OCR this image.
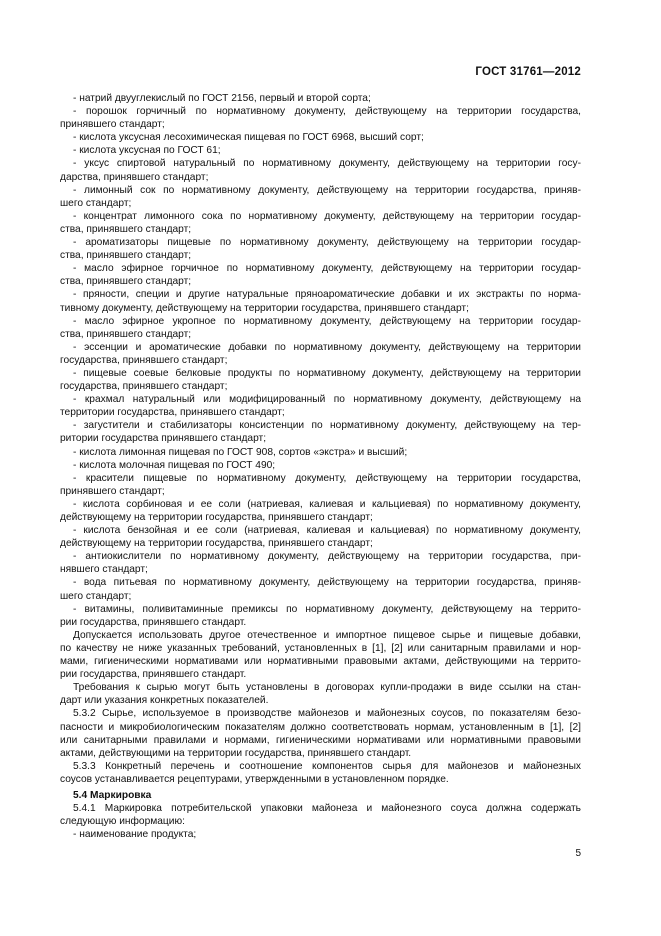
ГОСТ 31761—2012
- натрий двууглекислый по ГОСТ 2156, первый и второй сорта;
- порошок горчичный по нормативному документу, действующему на территории государства,
принявшего стандарт;
- кислота уксусная лесохимическая пищевая по ГОСТ 6968, высший сорт;
- кислота уксусная по ГОСТ 61;
- уксус спиртовой натуральный по нормативному документу, действующему на территории госу-
дарства, принявшего стандарт;
- лимонный сок по нормативному документу, действующему на территории государства, приняв-
шего стандарт;
- концентрат лимонного сока по нормативному документу, действующему на территории государ-
ства, принявшего стандарт;
- ароматизаторы пищевые по нормативному документу, действующему на территории государ-
ства, принявшего стандарт;
- масло эфирное горчичное по нормативному документу, действующему на территории государ-
ства, принявшего стандарт;
- пряности, специи и другие натуральные пряноароматические добавки и их экстракты по норма-
тивному документу, действующему на территории государства, принявшего стандарт;
- масло эфирное укропное по нормативному документу, действующему на территории государ-
ства, принявшего стандарт;
- эссенции и ароматические добавки по нормативному документу, действующему на территории
государства, принявшего стандарт;
- пищевые соевые белковые продукты по нормативному документу, действующему на территории
государства, принявшего стандарт;
- крахмал натуральный или модифицированный по нормативному документу, действующему на
территории государства, принявшего стандарт;
- загустители и стабилизаторы консистенции по нормативному документу, действующему на тер-
ритории государства принявшего стандарт;
- кислота лимонная пищевая по ГОСТ 908, сортов «экстра» и высший;
- кислота молочная пищевая по ГОСТ 490;
- красители пищевые по нормативному документу, действующему на территории государства,
принявшего стандарт;
- кислота сорбиновая и ее соли (натриевая, калиевая и кальциевая) по нормативному документу,
действующему на территории государства, принявшего стандарт;
- кислота бензойная и ее соли (натриевая, калиевая и кальциевая) по нормативному документу,
действующему на территории государства, принявшего стандарт;
- антиокислители по нормативному документу, действующему на территории государства, при-
нявшего стандарт;
- вода питьевая по нормативному документу, действующему на территории государства, приняв-
шего стандарт;
- витамины, поливитаминные премиксы по нормативному документу, действующему на террито-
рии государства, принявшего стандарт.
Допускается использовать другое отечественное и импортное пищевое сырье и пищевые добавки,
по качеству не ниже указанных требований, установленных в [1], [2] или санитарным правилами и нор-
мами, гигиеническими нормативами или нормативными правовыми актами, действующими на террито-
рии государства, принявшего стандарт.
Требования к сырью могут быть установлены в договорах купли-продажи в виде ссылки на стан-
дарт или указания конкретных показателей.
5.3.2 Сырье, используемое в производстве майонезов и майонезных соусов, по показателям безо-
пасности и микробиологическим показателям должно соответствовать нормам, установленным в [1], [2]
или санитарными правилами и нормами, гигиеническими нормативами или нормативными правовыми
актами, действующими на территории государства, принявшего стандарт.
5.3.3 Конкретный перечень и соотношение компонентов сырья для майонезов и майонезных
соусов устанавливается рецептурами, утвержденными в установленном порядке.
5.4 Маркировка
5.4.1 Маркировка потребительской упаковки майонеза и майонезного соуса должна содержать
следующую информацию:
- наименование продукта;
5
